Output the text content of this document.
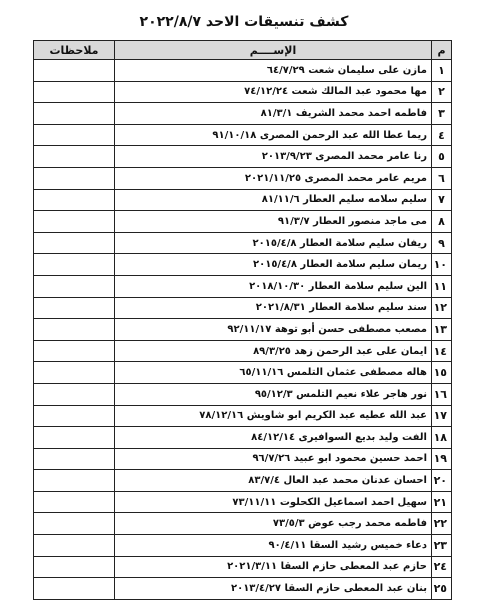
كشف تنسيقات الاحد ٢٠٢٢/٨/٧
م	الإســــم	ملاحظات
١	مازن على سليمان شعت ٦٤/٧/٢٩	
٢	مها محمود عبد المالك شعت ٧٤/١٢/٢٤	
٣	فاطمه احمد محمد الشريف ٨١/٣/١	
٤	ريما عطا الله عبد الرحمن المصرى ٩١/١٠/١٨	
٥	رنا عامر محمد المصرى ٢٠١٣/٩/٢٣	
٦	مريم عامر محمد المصرى ٢٠٢١/١١/٢٥	
٧	سليم سلامه سليم العطار ٨١/١١/٦	
٨	مى ماجد منصور العطار ٩١/٣/٧	
٩	ريفان سليم سلامة العطار ٢٠١٥/٤/٨	
١٠	ريمان سليم سلامة العطار ٢٠١٥/٤/٨	
١١	الين سليم سلامة العطار ٢٠١٨/١٠/٣٠	
١٢	سند سليم سلامة العطار ٢٠٢١/٨/٣١	
١٣	مصعب مصطفى حسن أبو توهة ٩٢/١١/١٧	
١٤	ايمان على عبد الرحمن زهد ٨٩/٣/٢٥	
١٥	هاله مصطفى عثمان التلمس ٦٥/١١/١٦	
١٦	نور هاجر علاء نعيم التلمس ٩٥/١٢/٣	
١٧	عبد الله عطيه عبد الكريم ابو شاويش ٧٨/١٢/١٦	
١٨	الفت وليد بديع السوافيرى ٨٤/١٢/١٤	
١٩	احمد حسين محمود ابو عبيد ٩٦/٧/٢٦	
٢٠	احسان عدنان محمد عبد العال ٨٣/٧/٤	
٢١	سهيل احمد اسماعيل الكحلوت ٧٣/١١/١١	
٢٢	فاطمه محمد رجب عوض ٧٣/٥/٣	
٢٣	دعاء خميس رشيد السقا ٩٠/٤/١١	
٢٤	حازم عبد المعطى حازم السقا ٢٠٢١/٣/١١	
٢٥	بنان عبد المعطى حازم السقا ٢٠١٣/٤/٢٧	
